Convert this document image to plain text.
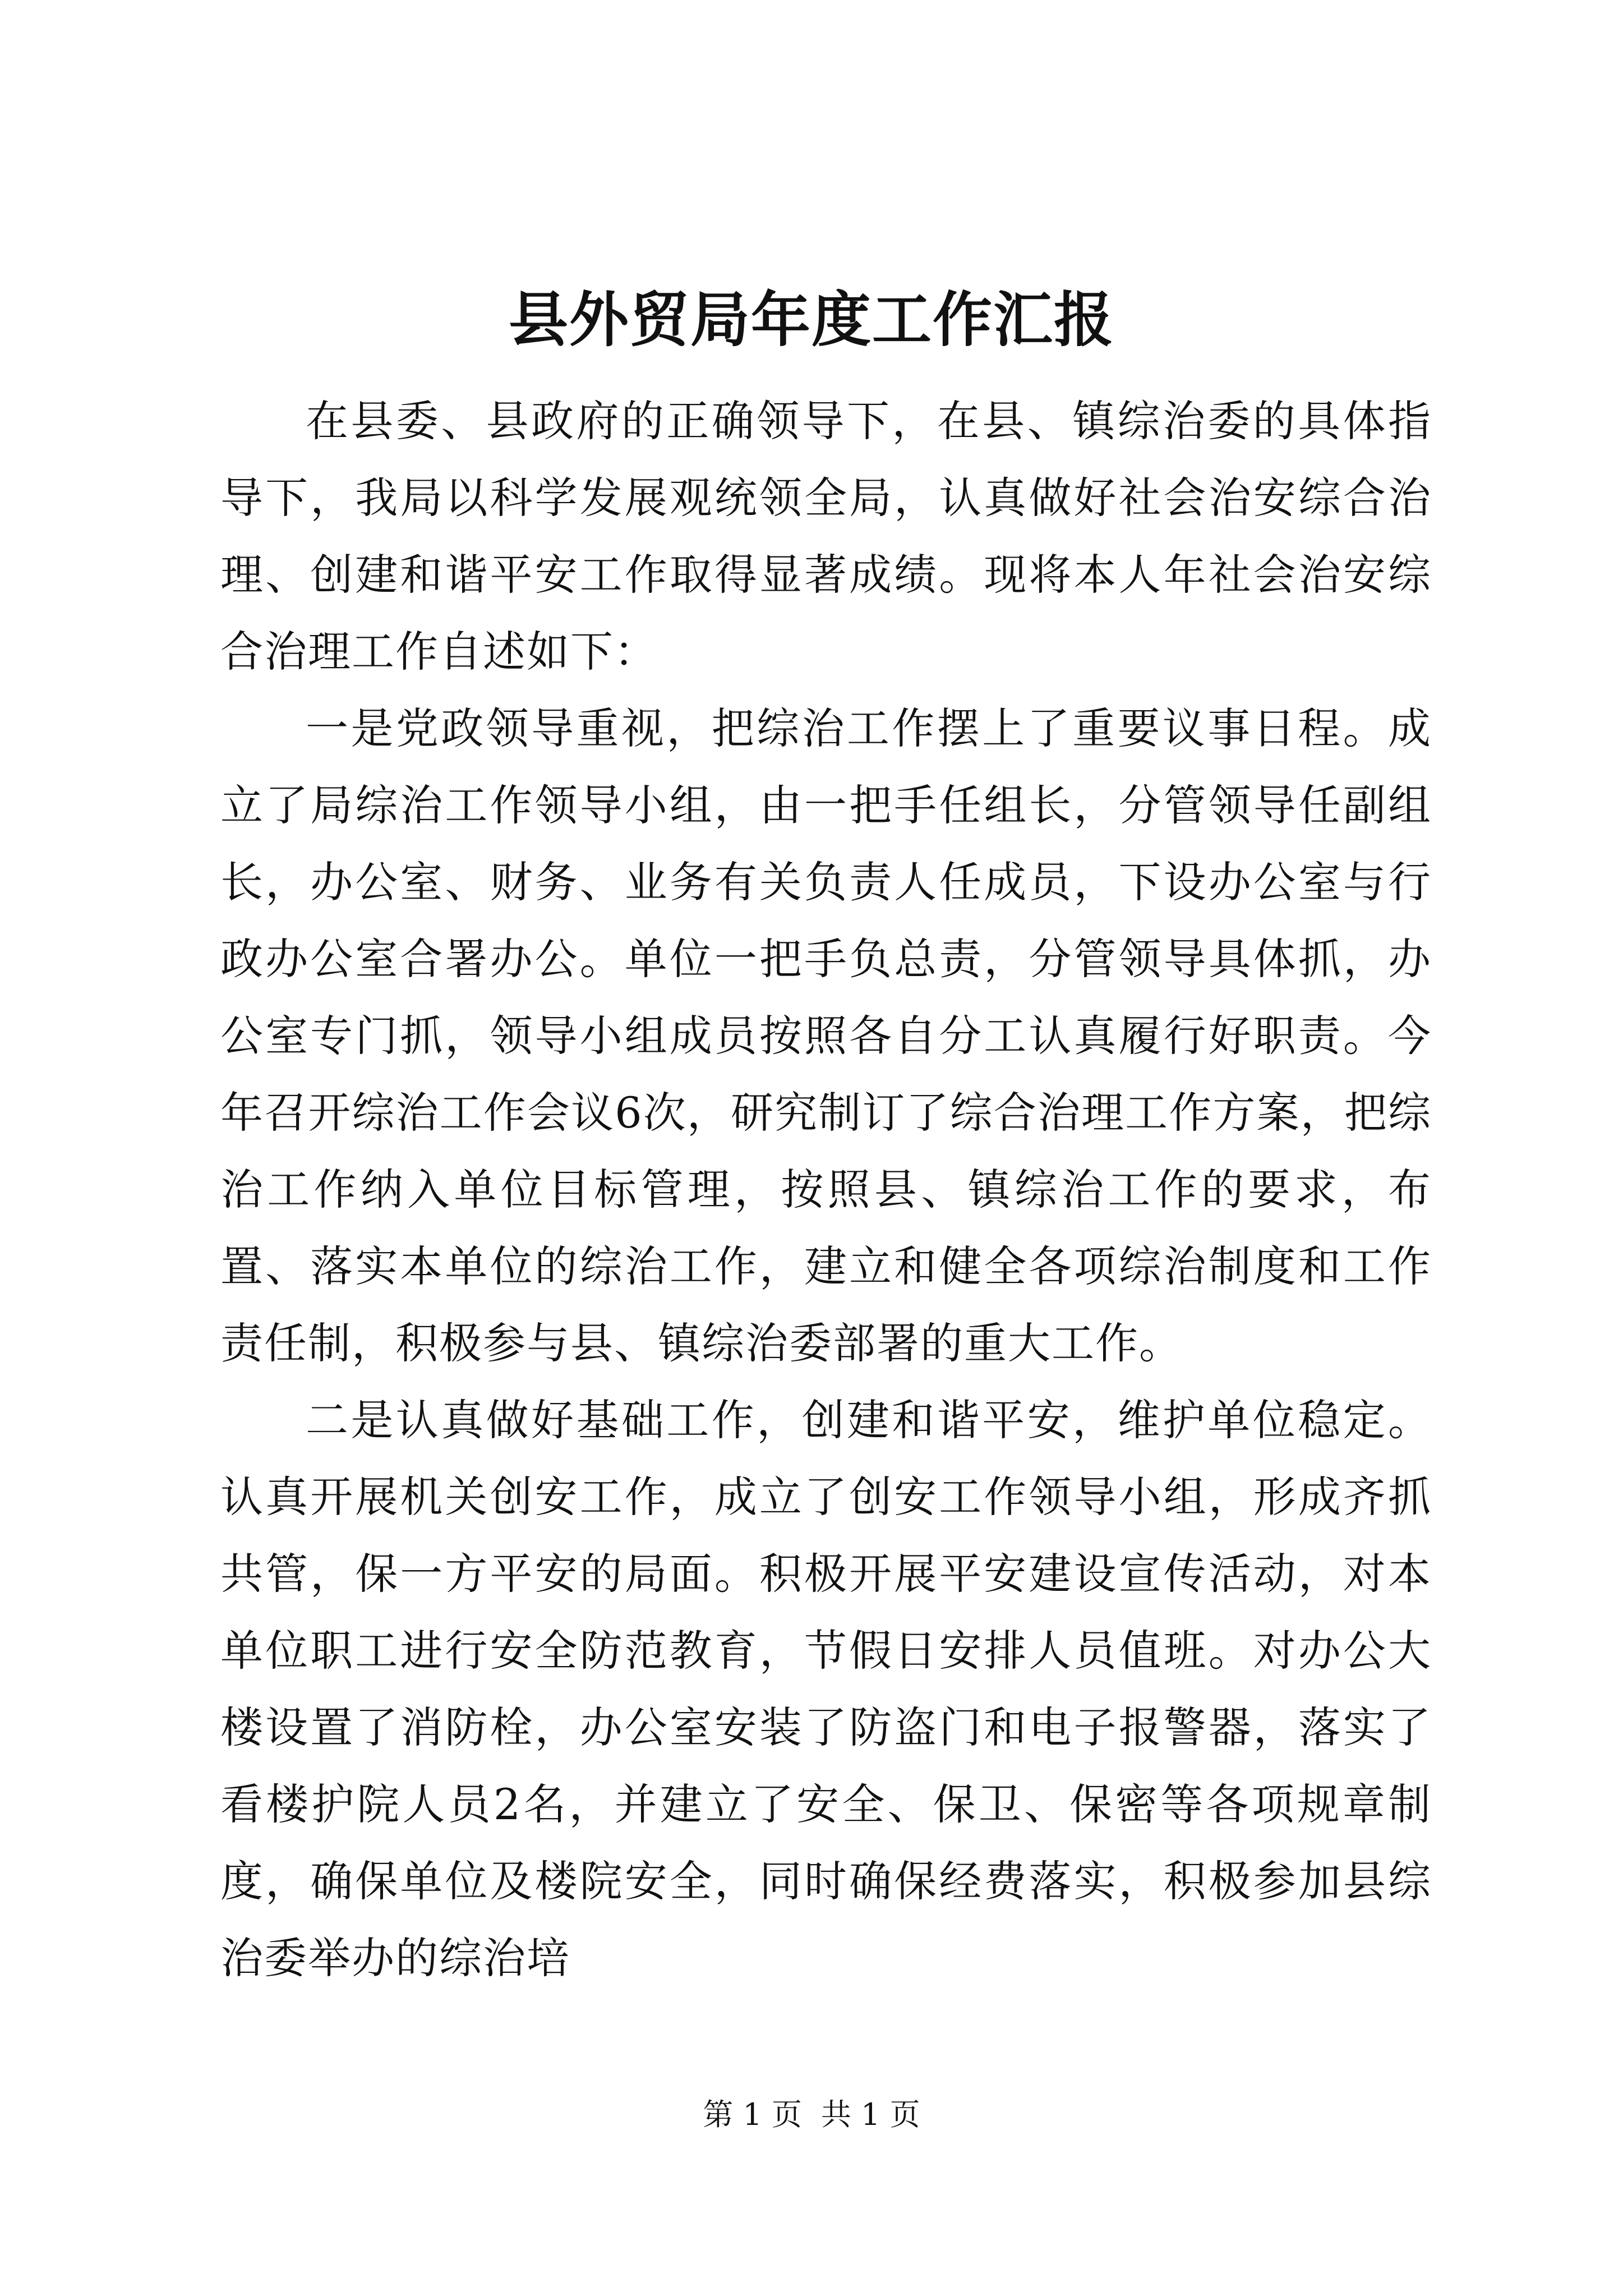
县外贸局年度工作汇报

在县委、县政府的正确领导下，在县、镇综治委的具体指导下，我局以科学发展观统领全局，认真做好社会治安综合治理、创建和谐平安工作取得显著成绩。现将本人年社会治安综合治理工作自述如下：

一是党政领导重视，把综治工作摆上了重要议事日程。成立了局综治工作领导小组，由一把手任组长，分管领导任副组长，办公室、财务、业务有关负责人任成员，下设办公室与行政办公室合署办公。单位一把手负总责，分管领导具体抓，办公室专门抓，领导小组成员按照各自分工认真履行好职责。今年召开综治工作会议6次，研究制订了综合治理工作方案，把综治工作纳入单位目标管理，按照县、镇综治工作的要求，布置、落实本单位的综治工作，建立和健全各项综治制度和工作责任制，积极参与县、镇综治委部署的重大工作。

二是认真做好基础工作，创建和谐平安，维护单位稳定。认真开展机关创安工作，成立了创安工作领导小组，形成齐抓共管，保一方平安的局面。积极开展平安建设宣传活动，对本单位职工进行安全防范教育，节假日安排人员值班。对办公大楼设置了消防栓，办公室安装了防盗门和电子报警器，落实了看楼护院人员2名，并建立了安全、保卫、保密等各项规章制度，确保单位及楼院安全，同时确保经费落实，积极参加县综治委举办的综治培

第 1 页 共 1 页
